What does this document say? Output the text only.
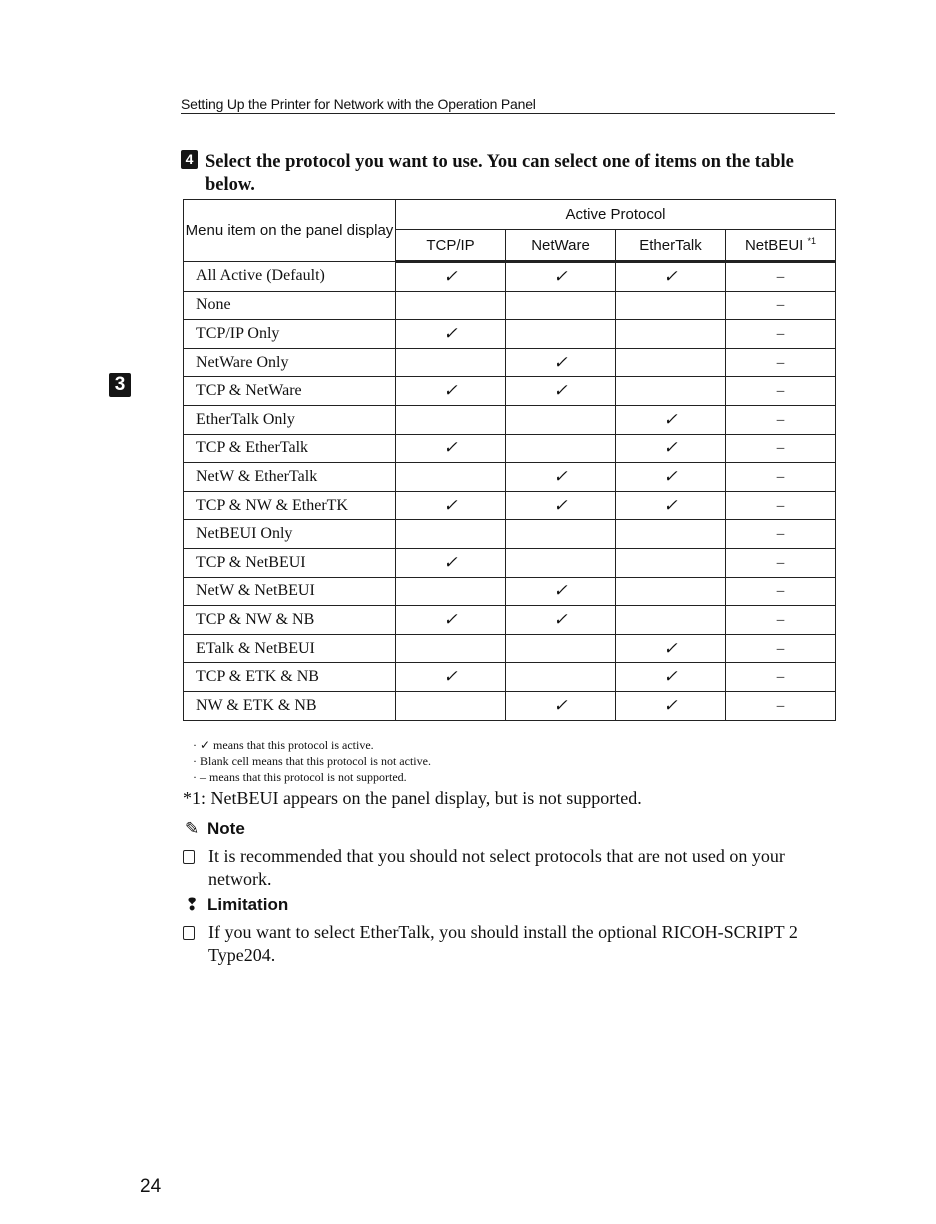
Setting Up the Printer for Network with the Operation Panel
3
4 Select the protocol you want to use. You can select one of items on the table below.
Menu item on the panel display	Active Protocol			
	TCP/IP	NetWare	EtherTalk	NetBEUI $^{*1}$
All Active (Default)	✓	✓	✓	–
None				–
TCP/IP Only	✓			–
NetWare Only		✓		–
TCP & NetWare	✓	✓		–
EtherTalk Only			✓	–
TCP & EtherTalk	✓		✓	–
NetW & EtherTalk		✓	✓	–
TCP & NW & EtherTK	✓	✓	✓	–
NetBEUI Only				–
TCP & NetBEUI	✓			–
NetW & NetBEUI		✓		–
TCP & NW & NB	✓	✓		–
ETalk & NetBEUI			✓	–
TCP & ETK & NB	✓		✓	–
NW & ETK & NB		✓	✓	–
· ✓ means that this protocol is active.
· Blank cell means that this protocol is not active.
· – means that this protocol is not supported.
*1: NetBEUI appears on the panel display, but is not supported.
✎ Note
It is recommended that you should not select protocols that are not used on your network.
❢ Limitation
If you want to select EtherTalk, you should install the optional RICOH-SCRIPT 2 Type204.
24
